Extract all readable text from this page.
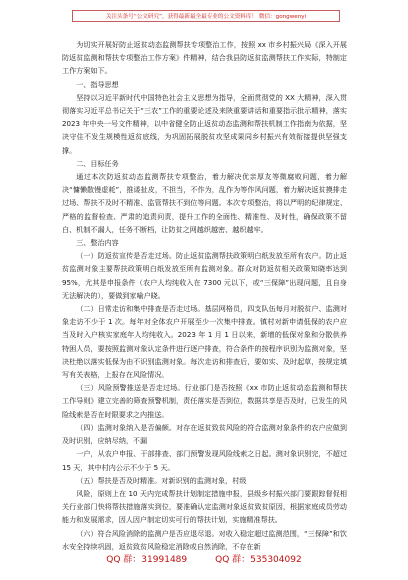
关注头条号“公文研究”，获得最新最全最专业的公文资料库！ 微信：gongwenyi

为切实开展好防止返贫动态监测帮扶专项整治工作，按照 xx 市乡村振兴局《深入开展防返贫监测和帮扶专项整治工作方案》件精神，结合我县防返贫监测帮扶工作实际，特制定工作方案如下。

一、指导思想

坚持以习近平新时代中国特色社会主义思想为指导，全面贯彻党的 XX 大精神，深入贯彻落实习近平总书记关于“三农”工作的重要论述及来陕重要讲话和重要指示批示精神，落实 2023 年中央一号文件精神，以中省健全防止返贫动态监测和帮扶机制工作指南为依据，坚决守住不发生规模性返贫底线，为巩固拓展脱贫攻坚成果同乡村振兴有效衔接提供坚强支撑。

二、目标任务

通过本次防返贫动态监测帮扶专项整治，着力解决优亲厚友等微腐败问题，着力解决“慵懒散慢虚耗”，推诿扯皮，不担当，不作为，乱作为等作风问题，着力解决返贫摸排走过场、帮扶不及时不精准、监管帮扶不到位等问题。本次专项整治，将以严明的纪律规定、严格的监督检查、严肃的追责问责，提升工作的全面性、精准性、及时性，确保政策不留白、机制不漏人，任务不断档，让防贫之网越织越密、越织越牢。

三、整治内容

（一）防返贫宣传是否走过场。防止返贫监测帮扶政策明白纸发放至所有农户。防止返贫监测对象主要帮扶政策明白纸发放至所有监测对象。群众对防返贫相关政策知晓率达到 95%，尤其是申报条件（农户人均纯收入在 7300 元以下，或“三保障”出现问题，且自身无法解决的），要做到家喻户晓。

（二）日常走访和集中排查是否走过场。基层网格员，四支队伍每月对脱贫户、监测对象走访不少于 1 次。每年对全体农户开展至少一次集中排查。镇村对新申请低保的农户应当及时入户核实家庭年人均纯收入。2023 年 1 月 1 日以来，新增的低保对象和分散供养特困人员，要按照监测对象认定条件进行逐户排查，符合条件的按程序识别为监测对象，坚决杜绝以落实低保为由不识别监测对象。每次走访和排查后，要如实、及时起草，按规定填写有关表格，上报存在风险情况。

（三）风险预警推送是否走过场。行业部门是否按照《xx 市防止返贫动态监测和帮扶工作导则》建立完善的筛查预警机制，责任落实是否到位，数据共享是否及时，已发生的风险线索是否在时限要求之内推送。

（四）监测对象纳入是否偏颇。对存在返贫致贫风险的符合监测对象条件的农户应做到及时识别，应纳尽纳，不漏

一户，从农户申报、干部排查、部门预警发现风险线索之日起。测对象识别完，不超过 15 天，其中村内公示不少于 5 天。

（五）帮扶是否及时精准。对新识别的监测对象，村级

风险，原则上在 10 天内完成帮扶计划制定措施申报，县级乡村振兴部门要跟踪督促相关行业部门快将帮扶措施落实到位，要准确认定监测对象返贫致贫原因，根据家庭成员劳动能力和发展需求，因人因户制定切实可行的帮扶计划，实施精准帮扶。

（六）符合风险消除的监测户是否应退尽退。对收入稳定超过监测范围，“三保障”和饮水安全持续巩固，返贫致贫风险稳定消除或自然消除，不存在新

QQ 群：31991489	QQ 群：535304092
